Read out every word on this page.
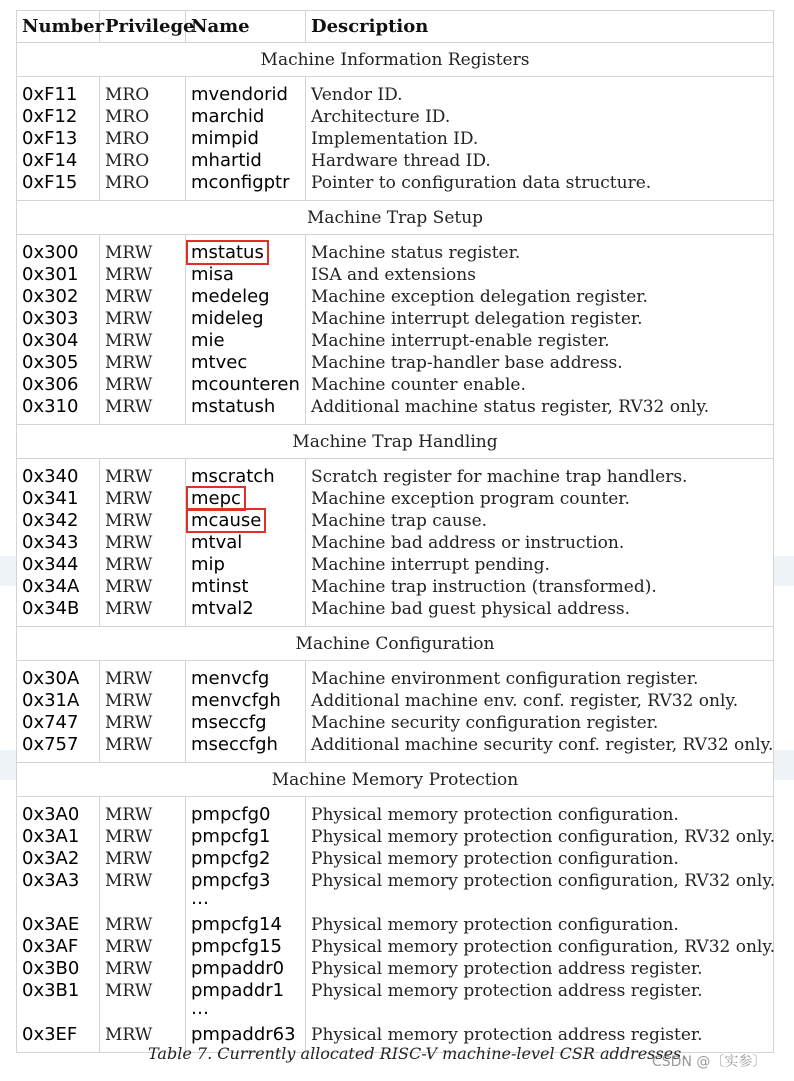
Number	Privilege	Name	Description
Machine Information Registers			

0xF11	MRO	mvendorid	Vendor ID.
0xF12	MRO	marchid	Architecture ID.
0xF13	MRO	mimpid	Implementation ID.
0xF14	MRO	mhartid	Hardware thread ID.
0xF15	MRO	mconfigptr	Pointer to configuration data structure.

Machine Trap Setup			

0x300	MRW	mstatus	Machine status register.
0x301	MRW	misa	ISA and extensions
0x302	MRW	medeleg	Machine exception delegation register.
0x303	MRW	mideleg	Machine interrupt delegation register.
0x304	MRW	mie	Machine interrupt-enable register.
0x305	MRW	mtvec	Machine trap-handler base address.
0x306	MRW	mcounteren	Machine counter enable.
0x310	MRW	mstatush	Additional machine status register, RV32 only.

Machine Trap Handling			

0x340	MRW	mscratch	Scratch register for machine trap handlers.
0x341	MRW	mepc	Machine exception program counter.
0x342	MRW	mcause	Machine trap cause.
0x343	MRW	mtval	Machine bad address or instruction.
0x344	MRW	mip	Machine interrupt pending.
0x34A	MRW	mtinst	Machine trap instruction (transformed).
0x34B	MRW	mtval2	Machine bad guest physical address.

Machine Configuration			

0x30A	MRW	menvcfg	Machine environment configuration register.
0x31A	MRW	menvcfgh	Additional machine env. conf. register, RV32 only.
0x747	MRW	mseccfg	Machine security configuration register.
0x757	MRW	mseccfgh	Additional machine security conf. register, RV32 only.

Machine Memory Protection			

0x3A0	MRW	pmpcfg0	Physical memory protection configuration.
0x3A1	MRW	pmpcfg1	Physical memory protection configuration, RV32 only.
0x3A2	MRW	pmpcfg2	Physical memory protection configuration.
0x3A3	MRW	pmpcfg3	Physical memory protection configuration, RV32 only.
		…	
0x3AE	MRW	pmpcfg14	Physical memory protection configuration.
0x3AF	MRW	pmpcfg15	Physical memory protection configuration, RV32 only.
0x3B0	MRW	pmpaddr0	Physical memory protection address register.
0x3B1	MRW	pmpaddr1	Physical memory protection address register.
		…	
0x3EF	MRW	pmpaddr63	Physical memory protection address register.

Table 7. Currently allocated RISC-V machine-level CSR addresses.
CSDN @〔实参〕
